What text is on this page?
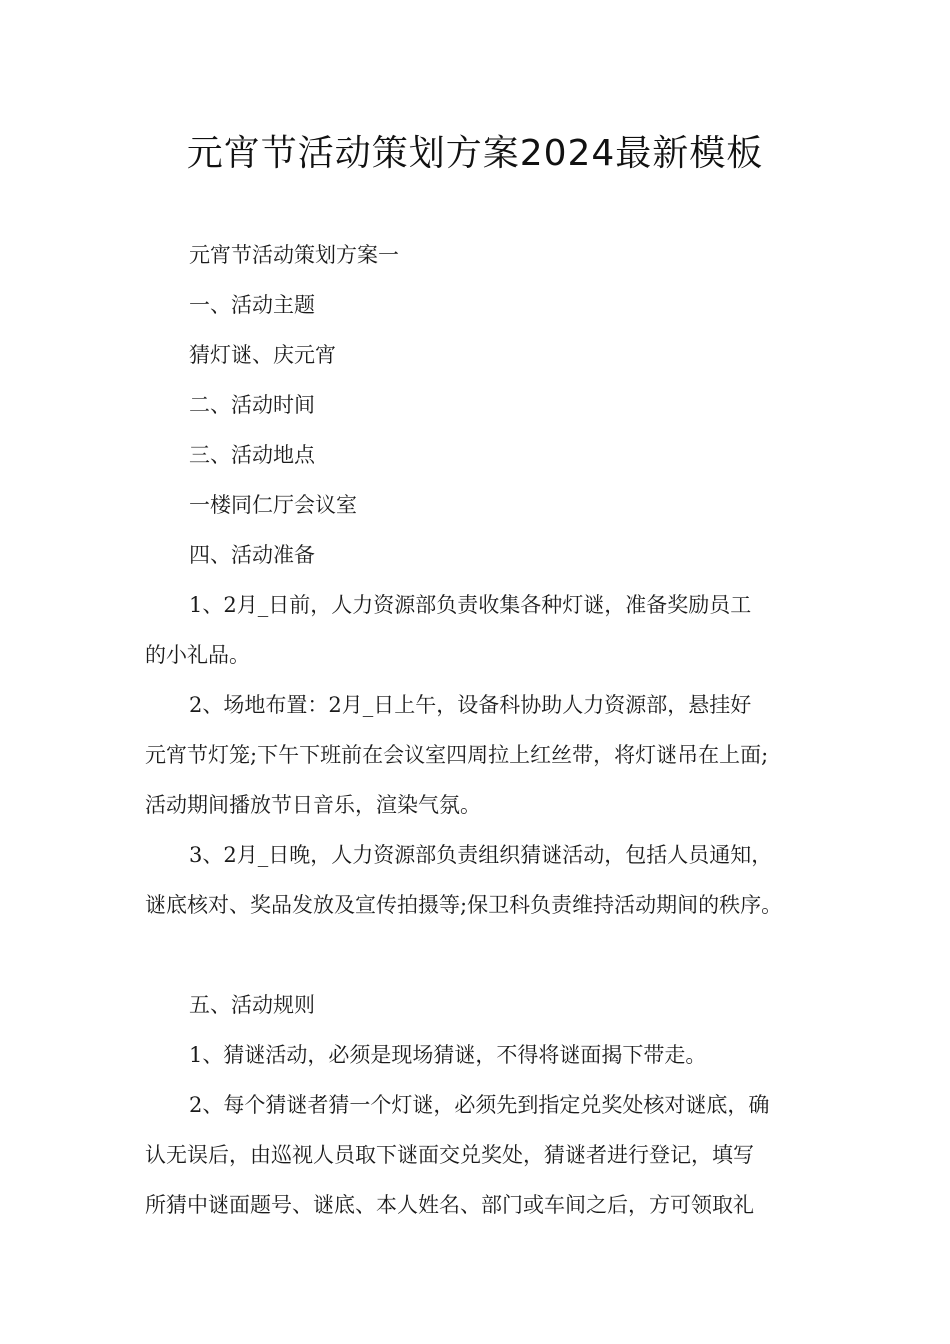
元宵节活动策划方案2024最新模板

元宵节活动策划方案一

一、活动主题

猜灯谜、庆元宵

二、活动时间

三、活动地点

一楼同仁厅会议室

四、活动准备

1、2月_日前，人力资源部负责收集各种灯谜，准备奖励员工

的小礼品。

2、场地布置：2月_日上午，设备科协助人力资源部，悬挂好

元宵节灯笼;下午下班前在会议室四周拉上红丝带，将灯谜吊在上面;

活动期间播放节日音乐，渲染气氛。

3、2月_日晚，人力资源部负责组织猜谜活动，包括人员通知，

谜底核对、奖品发放及宣传拍摄等;保卫科负责维持活动期间的秩序。

五、活动规则

1、猜谜活动，必须是现场猜谜，不得将谜面揭下带走。

2、每个猜谜者猜一个灯谜，必须先到指定兑奖处核对谜底，确

认无误后，由巡视人员取下谜面交兑奖处，猜谜者进行登记，填写

所猜中谜面题号、谜底、本人姓名、部门或车间之后，方可领取礼
